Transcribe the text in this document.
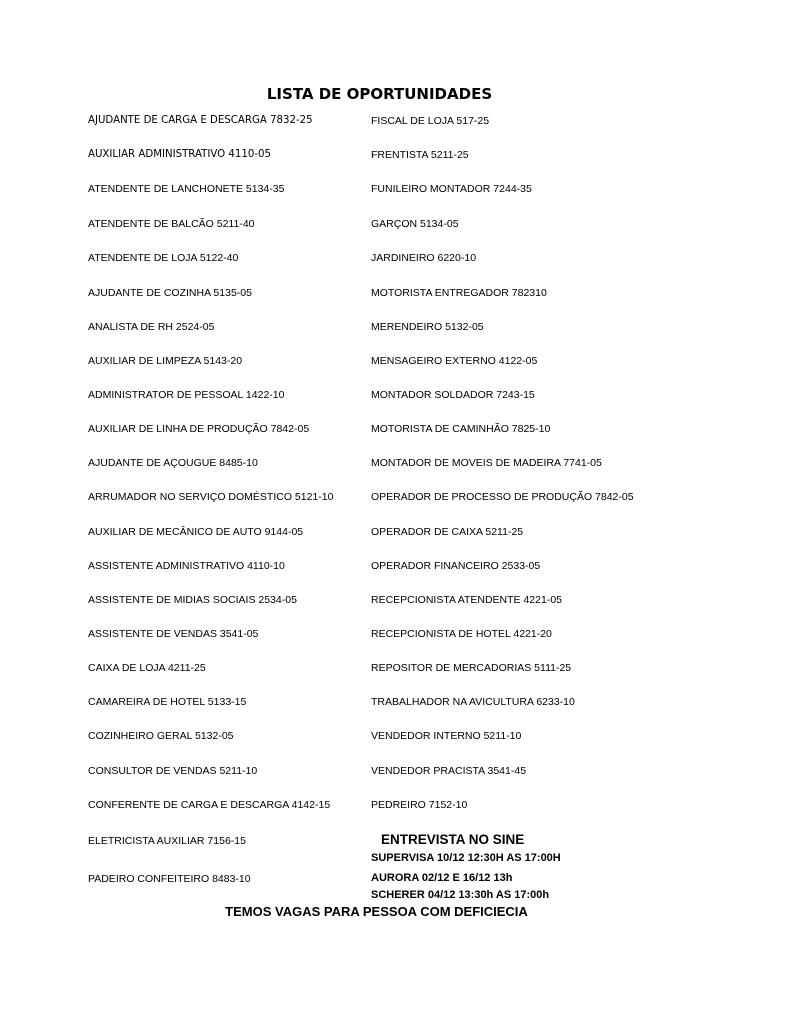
LISTA DE OPORTUNIDADES
AJUDANTE DE CARGA E DESCARGA 7832-25
AUXILIAR ADMINISTRATIVO 4110-05
ATENDENTE DE LANCHONETE 5134-35
ATENDENTE DE BALCÃO 5211-40
ATENDENTE DE LOJA 5122-40
AJUDANTE DE COZINHA 5135-05
ANALISTA DE RH 2524-05
AUXILIAR DE LIMPEZA 5143-20
ADMINISTRATOR DE PESSOAL 1422-10
AUXILIAR DE LINHA DE PRODUÇÃO 7842-05
AJUDANTE DE AÇOUGUE 8485-10
ARRUMADOR NO SERVIÇO DOMÉSTICO 5121-10
AUXILIAR DE MECÂNICO DE AUTO 9144-05
ASSISTENTE ADMINISTRATIVO 4110-10
ASSISTENTE DE MIDIAS SOCIAIS 2534-05
ASSISTENTE DE VENDAS 3541-05
CAIXA DE LOJA 4211-25
CAMAREIRA DE HOTEL 5133-15
COZINHEIRO GERAL 5132-05
CONSULTOR DE VENDAS 5211-10
CONFERENTE DE CARGA E DESCARGA 4142-15
ELETRICISTA AUXILIAR 7156-15
PADEIRO CONFEITEIRO 8483-10
FISCAL DE LOJA 517-25
FRENTISTA 5211-25
FUNILEIRO MONTADOR 7244-35
GARÇON 5134-05
JARDINEIRO 6220-10
MOTORISTA ENTREGADOR 782310
MERENDEIRO 5132-05
MENSAGEIRO EXTERNO 4122-05
MONTADOR SOLDADOR 7243-15
MOTORISTA DE CAMINHÃO 7825-10
MONTADOR DE MOVEIS DE MADEIRA 7741-05
OPERADOR DE PROCESSO DE PRODUÇÃO 7842-05
OPERADOR DE CAIXA 5211-25
OPERADOR FINANCEIRO 2533-05
RECEPCIONISTA ATENDENTE 4221-05
RECEPCIONISTA DE HOTEL 4221-20
REPOSITOR DE MERCADORIAS 5111-25
TRABALHADOR NA AVICULTURA 6233-10
VENDEDOR INTERNO 5211-10
VENDEDOR PRACISTA 3541-45
PEDREIRO 7152-10
ENTREVISTA NO SINE
SUPERVISA 10/12 12:30H AS 17:00H
AURORA 02/12 E 16/12 13h
SCHERER 04/12 13:30h AS 17:00h
TEMOS VAGAS PARA PESSOA COM DEFICIECIA
